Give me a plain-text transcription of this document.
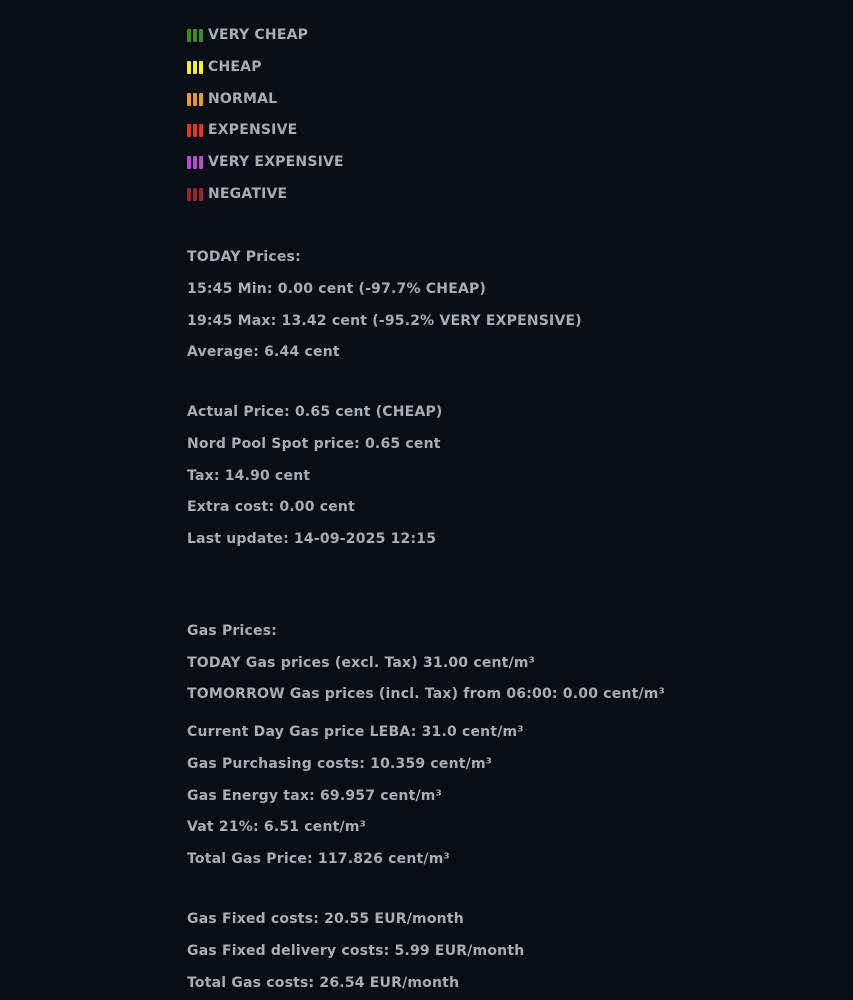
VERY CHEAP
CHEAP
NORMAL
EXPENSIVE
VERY EXPENSIVE
NEGATIVE
TODAY Prices:
15:45 Min: 0.00 cent (-97.7% CHEAP)
19:45 Max: 13.42 cent (-95.2% VERY EXPENSIVE)
Average: 6.44 cent
Actual Price: 0.65 cent (CHEAP)
Nord Pool Spot price: 0.65 cent
Tax: 14.90 cent
Extra cost: 0.00 cent
Last update: 14-09-2025 12:15
Gas Prices:
TODAY Gas prices (excl. Tax) 31.00 cent/m³
TOMORROW Gas prices (incl. Tax) from 06:00: 0.00 cent/m³
Current Day Gas price LEBA: 31.0 cent/m³
Gas Purchasing costs: 10.359 cent/m³
Gas Energy tax: 69.957 cent/m³
Vat 21%: 6.51 cent/m³
Total Gas Price: 117.826 cent/m³
Gas Fixed costs: 20.55 EUR/month
Gas Fixed delivery costs: 5.99 EUR/month
Total Gas costs: 26.54 EUR/month
